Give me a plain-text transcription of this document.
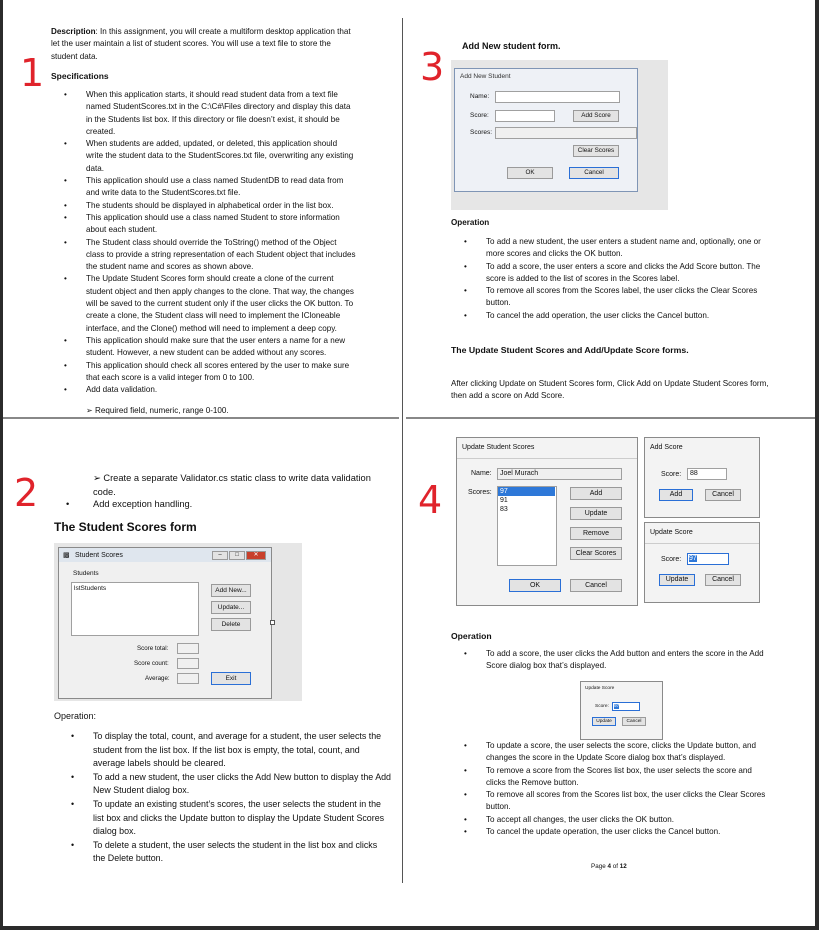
1
2
3
4
Description: In this assignment, you will create a multiform desktop application that let the user maintain a list of student scores. You will use a text file to store the student data.
Specifications
• When this application starts, it should read student data from a text file named StudentScores.txt in the C:\C#\Files directory and display this data in the Students list box. If this directory or file doesn’t exist, it should be created.
• When students are added, updated, or deleted, this application should write the student data to the StudentScores.txt file, overwriting any existing data.
• This application should use a class named StudentDB to read data from and write data to the StudentScores.txt file.
• The students should be displayed in alphabetical order in the list box.
• This application should use a class named Student to store information about each student.
• The Student class should override the ToString() method of the Object class to provide a string representation of each Student object that includes the student name and scores as shown above.
• The Update Student Scores form should create a clone of the current student object and then apply changes to the clone. That way, the changes will be saved to the current student only if the user clicks the OK button. To create a clone, the Student class will need to implement the ICloneable interface, and the Clone() method will need to implement a deep copy.
• This application should make sure that the user enters a name for a new student. However, a new student can be added without any scores.
• This application should check all scores entered by the user to make sure that each score is a valid integer from 0 to 100.
• Add data validation.
➢ Required field, numeric, range 0-100.
➢ Create a separate Validator.cs static class to write data validation code.
•	Add exception handling.
The Student Scores form
▩ Student Scores	–	□	✕
Students
lstStudents	Add New...
Update...
Delete
Score total:
Score count:
Average:	Exit
Operation:
• To display the total, count, and average for a student, the user selects the student from the list box. If the list box is empty, the total, count, and average labels should be cleared.
• To add a new student, the user clicks the Add New button to display the Add New Student dialog box.
• To update an existing student’s scores, the user selects the student in the list box and clicks the Update button to display the Update Student Scores dialog box.
• To delete a student, the user selects the student in the list box and clicks the Delete button.
Add New student form.
Add New Student
Name:
Score:	Add Score
Scores:
Clear Scores
OK	Cancel
Operation
• To add a new student, the user enters a student name and, optionally, one or more scores and clicks the OK button.
• To add a score, the user enters a score and clicks the Add Score button. The score is added to the list of scores in the Scores label.
• To remove all scores from the Scores label, the user clicks the Clear Scores button.
• To cancel the add operation, the user clicks the Cancel button.
The Update Student Scores and Add/Update Score forms.
After clicking Update on Student Scores form, Click Add on Update Student Scores form, then add a score on Add Score.
Update Student Scores
Name:	Joel Murach
Scores: 97
91
83
Add
Update
Remove
Clear Scores
OK	Cancel
Add Score
Score:	88
Add	Cancel
Update Score
Score: 97
Update	Cancel
Operation
• To add a score, the user clicks the Add button and enters the score in the Add Score dialog box that’s displayed.
Update Score
Score:	97
Update	Cancel
• To update a score, the user selects the score, clicks the Update button, and changes the score in the Update Score dialog box that’s displayed.
• To remove a score from the Scores list box, the user selects the score and clicks the Remove button.
• To remove all scores from the Scores list box, the user clicks the Clear Scores button.
• To accept all changes, the user clicks the OK button.
• To cancel the update operation, the user clicks the Cancel button.
Page 4 of 12
